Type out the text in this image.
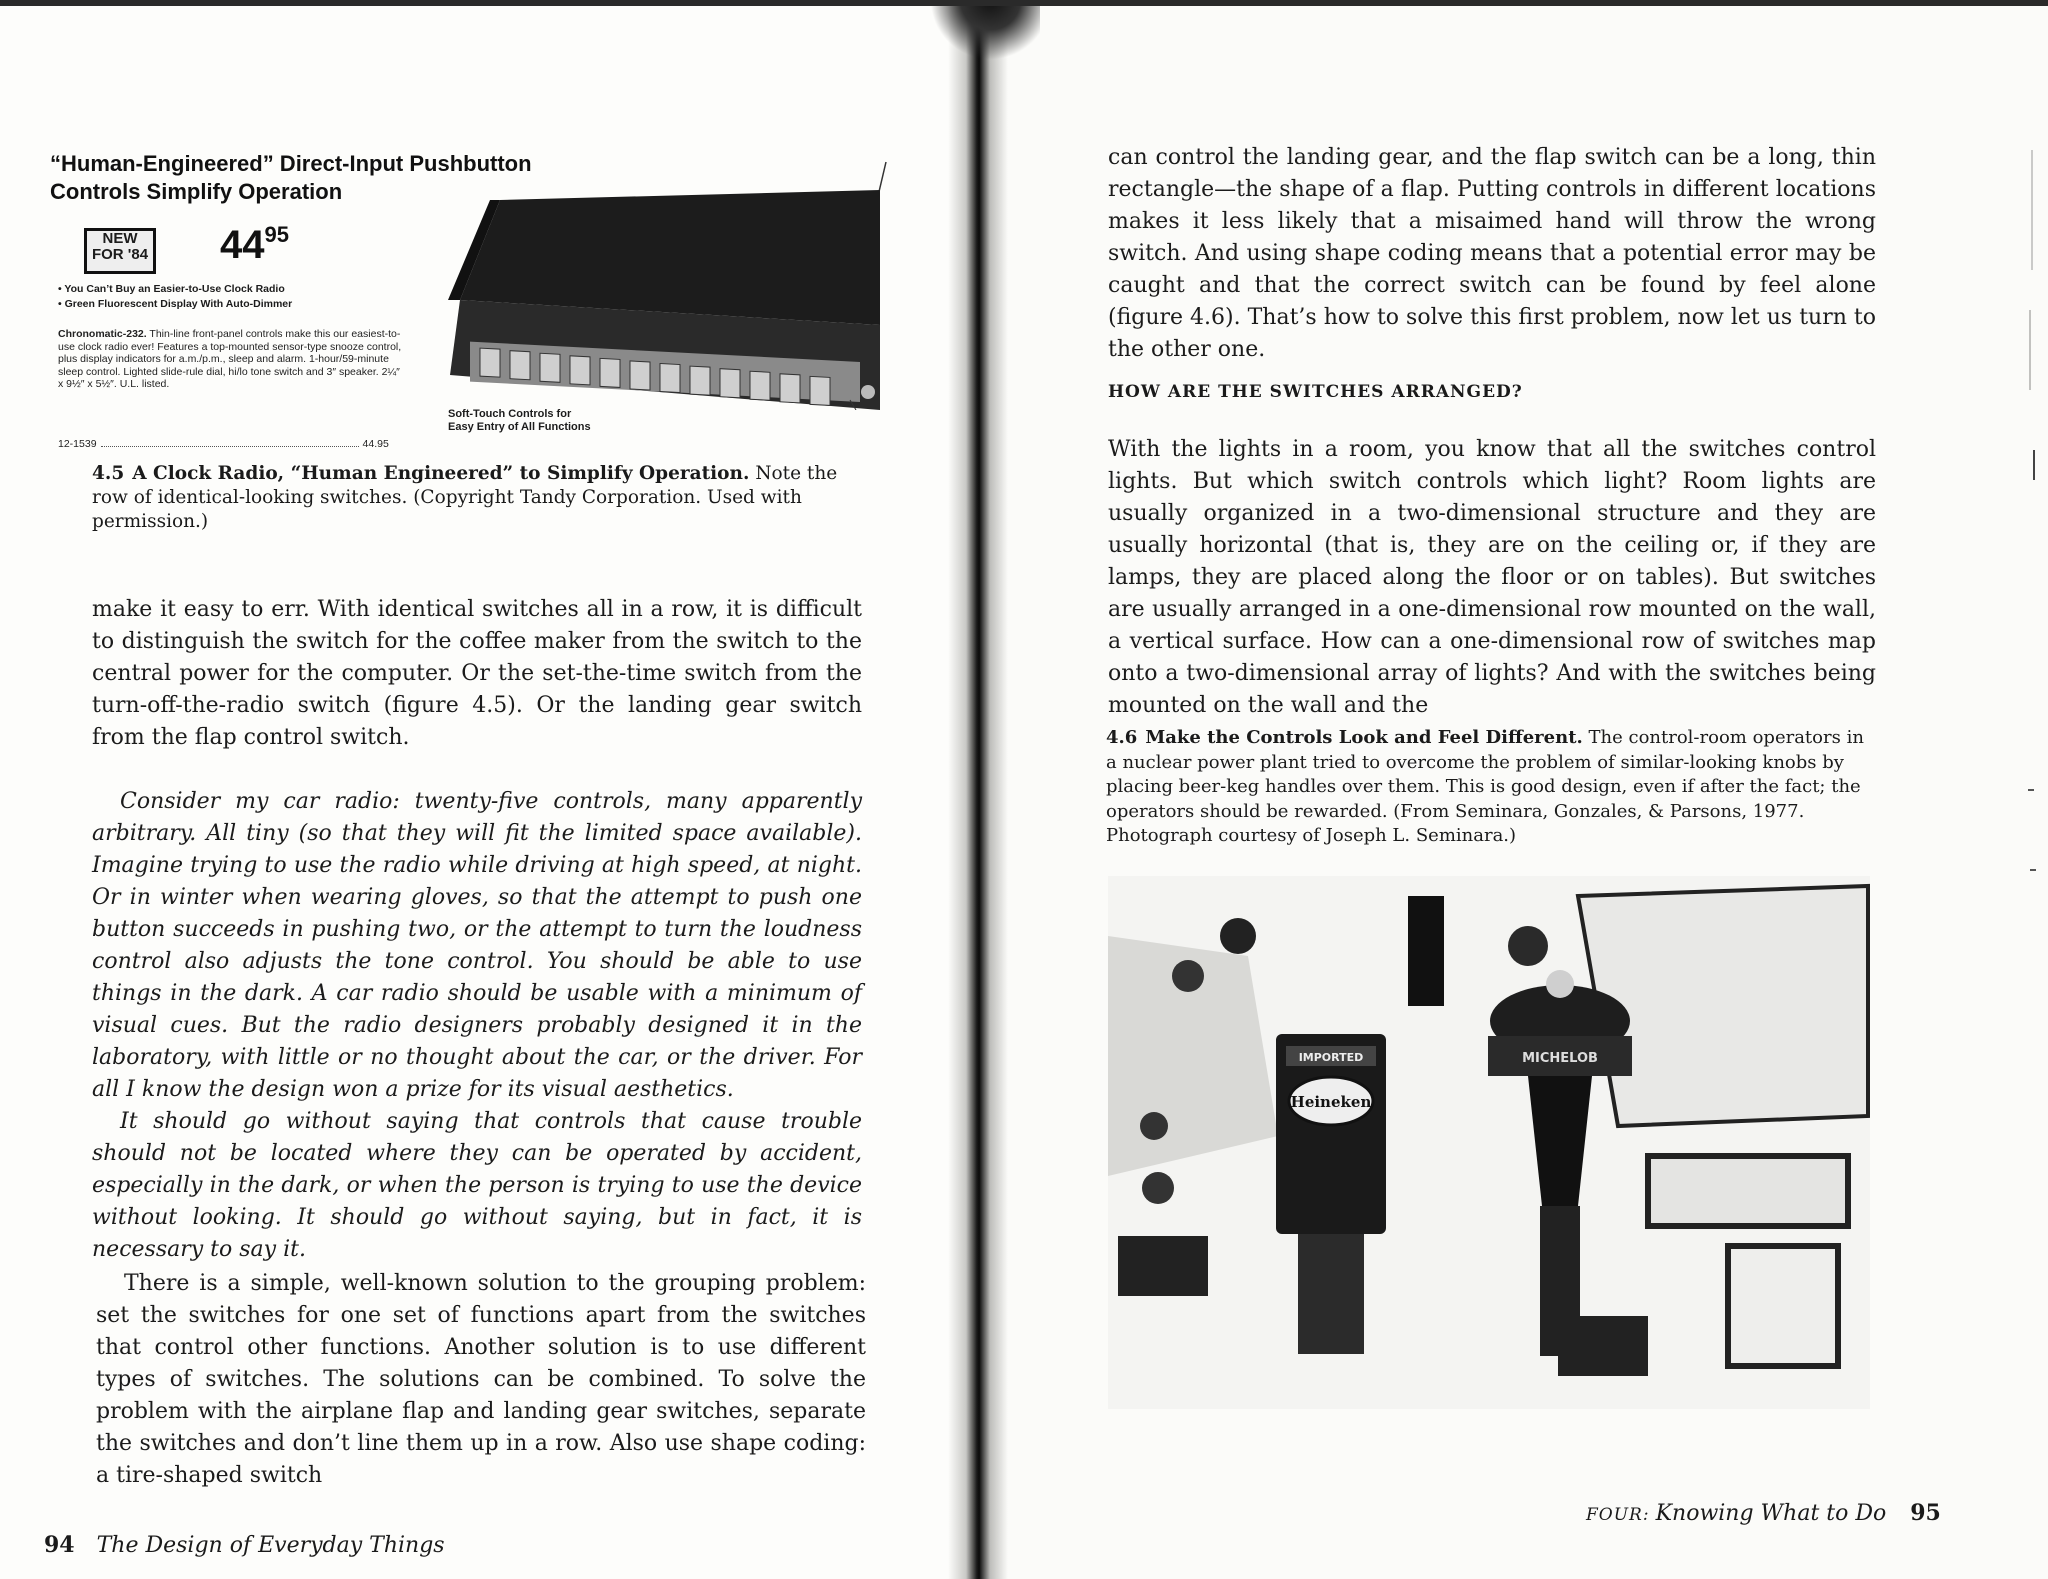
“Human-Engineered” Direct-Input Pushbutton
Controls Simplify Operation
NEW
FOR '84 $44^{95}$
• You Can’t Buy an Easier-to-Use Clock Radio
• Green Fluorescent Display With Auto-Dimmer
Chronomatic-232. Thin-line front-panel controls make this our easiest-to-use clock radio ever! Features a top-mounted sensor-type snooze control, plus display indicators for a.m./p.m., sleep and alarm. 1-hour/59-minute sleep control. Lighted slide-rule dial, hi/lo tone switch and 3″ speaker. 2¼″ x 9½″ x 5½″. U.L. listed.
12-1539	44.95
Soft-Touch Controls for
Easy Entry of All Functions
4.5 A Clock Radio, “Human Engineered” to Simplify Operation. Note the row of identical-looking switches. (Copyright Tandy Corporation. Used with permission.)

make it easy to err. With identical switches all in a row, it is difficult to distinguish the switch for the coffee maker from the switch to the central power for the computer. Or the set-the-time switch from the turn-off-the-radio switch (figure 4.5). Or the landing gear switch from the flap control switch.

Consider my car radio: twenty-five controls, many apparently arbitrary. All tiny (so that they will fit the limited space available). Imagine trying to use the radio while driving at high speed, at night. Or in winter when wearing gloves, so that the attempt to push one button succeeds in pushing two, or the attempt to turn the loudness control also adjusts the tone control. You should be able to use things in the dark. A car radio should be usable with a minimum of visual cues. But the radio designers probably designed it in the laboratory, with little or no thought about the car, or the driver. For all I know the design won a prize for its visual aesthetics.

It should go without saying that controls that cause trouble should not be located where they can be operated by accident, especially in the dark, or when the person is trying to use the device without looking. It should go without saying, but in fact, it is necessary to say it.

There is a simple, well-known solution to the grouping problem: set the switches for one set of functions apart from the switches that control other functions. Another solution is to use different types of switches. The solutions can be combined. To solve the problem with the airplane flap and landing gear switches, separate the switches and don’t line them up in a row. Also use shape coding: a tire-shaped switch

94 The Design of Everyday Things

can control the landing gear, and the flap switch can be a long, thin rectangle—the shape of a flap. Putting controls in different locations makes it less likely that a misaimed hand will throw the wrong switch. And using shape coding means that a potential error may be caught and that the correct switch can be found by feel alone (figure 4.6). That’s how to solve this first problem, now let us turn to the other one.

HOW ARE THE SWITCHES ARRANGED?

With the lights in a room, you know that all the switches control lights. But which switch controls which light? Room lights are usually organized in a two-dimensional structure and they are usually horizontal (that is, they are on the ceiling or, if they are lamps, they are placed along the floor or on tables). But switches are usually arranged in a one-dimensional row mounted on the wall, a vertical surface. How can a one-dimensional row of switches map onto a two-dimensional array of lights? And with the switches being mounted on the wall and the

4.6 Make the Controls Look and Feel Different. The control-room operators in a nuclear power plant tried to overcome the problem of similar-looking knobs by placing beer-keg handles over them. This is good design, even if after the fact; the operators should be rewarded. (From Seminara, Gonzales, & Parsons, 1977. Photograph courtesy of Joseph L. Seminara.)
IMPORTED
Heineken
MICHELOB
FOUR: Knowing What to Do 95
